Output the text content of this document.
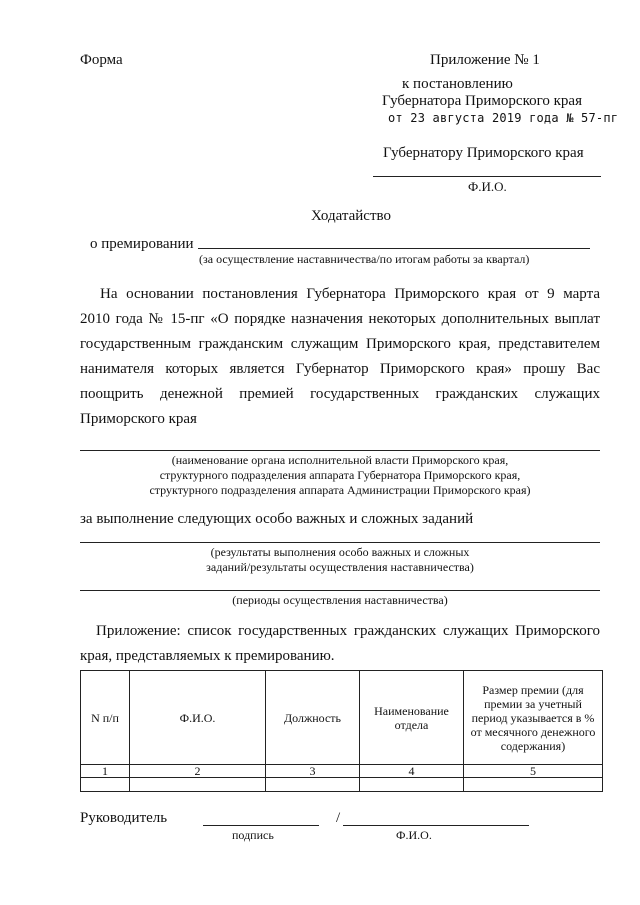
Форма	Приложение № 1
к постановлению
Губернатора Приморского края
от 23 августа 2019 года № 57-пг
Губернатору Приморского края
Ф.И.О.
Ходатайство
о премировании
(за осуществление наставничества/по итогам работы за квартал)
На основании постановления Губернатора Приморского края от 9 марта
2010 года № 15-пг «О порядке назначения некоторых дополнительных выплат
государственным гражданским служащим Приморского края, представителем
нанимателя которых является Губернатор Приморского края» прошу Вас
поощрить денежной премией государственных гражданских служащих
Приморского края
(наименование органа исполнительной власти Приморского края,
структурного подразделения аппарата Губернатора Приморского края,
структурного подразделения аппарата Администрации Приморского края)
за выполнение следующих особо важных и сложных заданий
(результаты выполнения особо важных и сложных
заданий/результаты осуществления наставничества)
(периоды осуществления наставничества)
Приложение: список государственных гражданских служащих Приморского
края, представляемых к премированию.
N п/п	Ф.И.О.	Должность	Наименование отдела	Размер премии (для премии за учетный период указывается в % от месячного денежного содержания)
1	2	3	4	5

Руководитель	/
подпись	Ф.И.О.
